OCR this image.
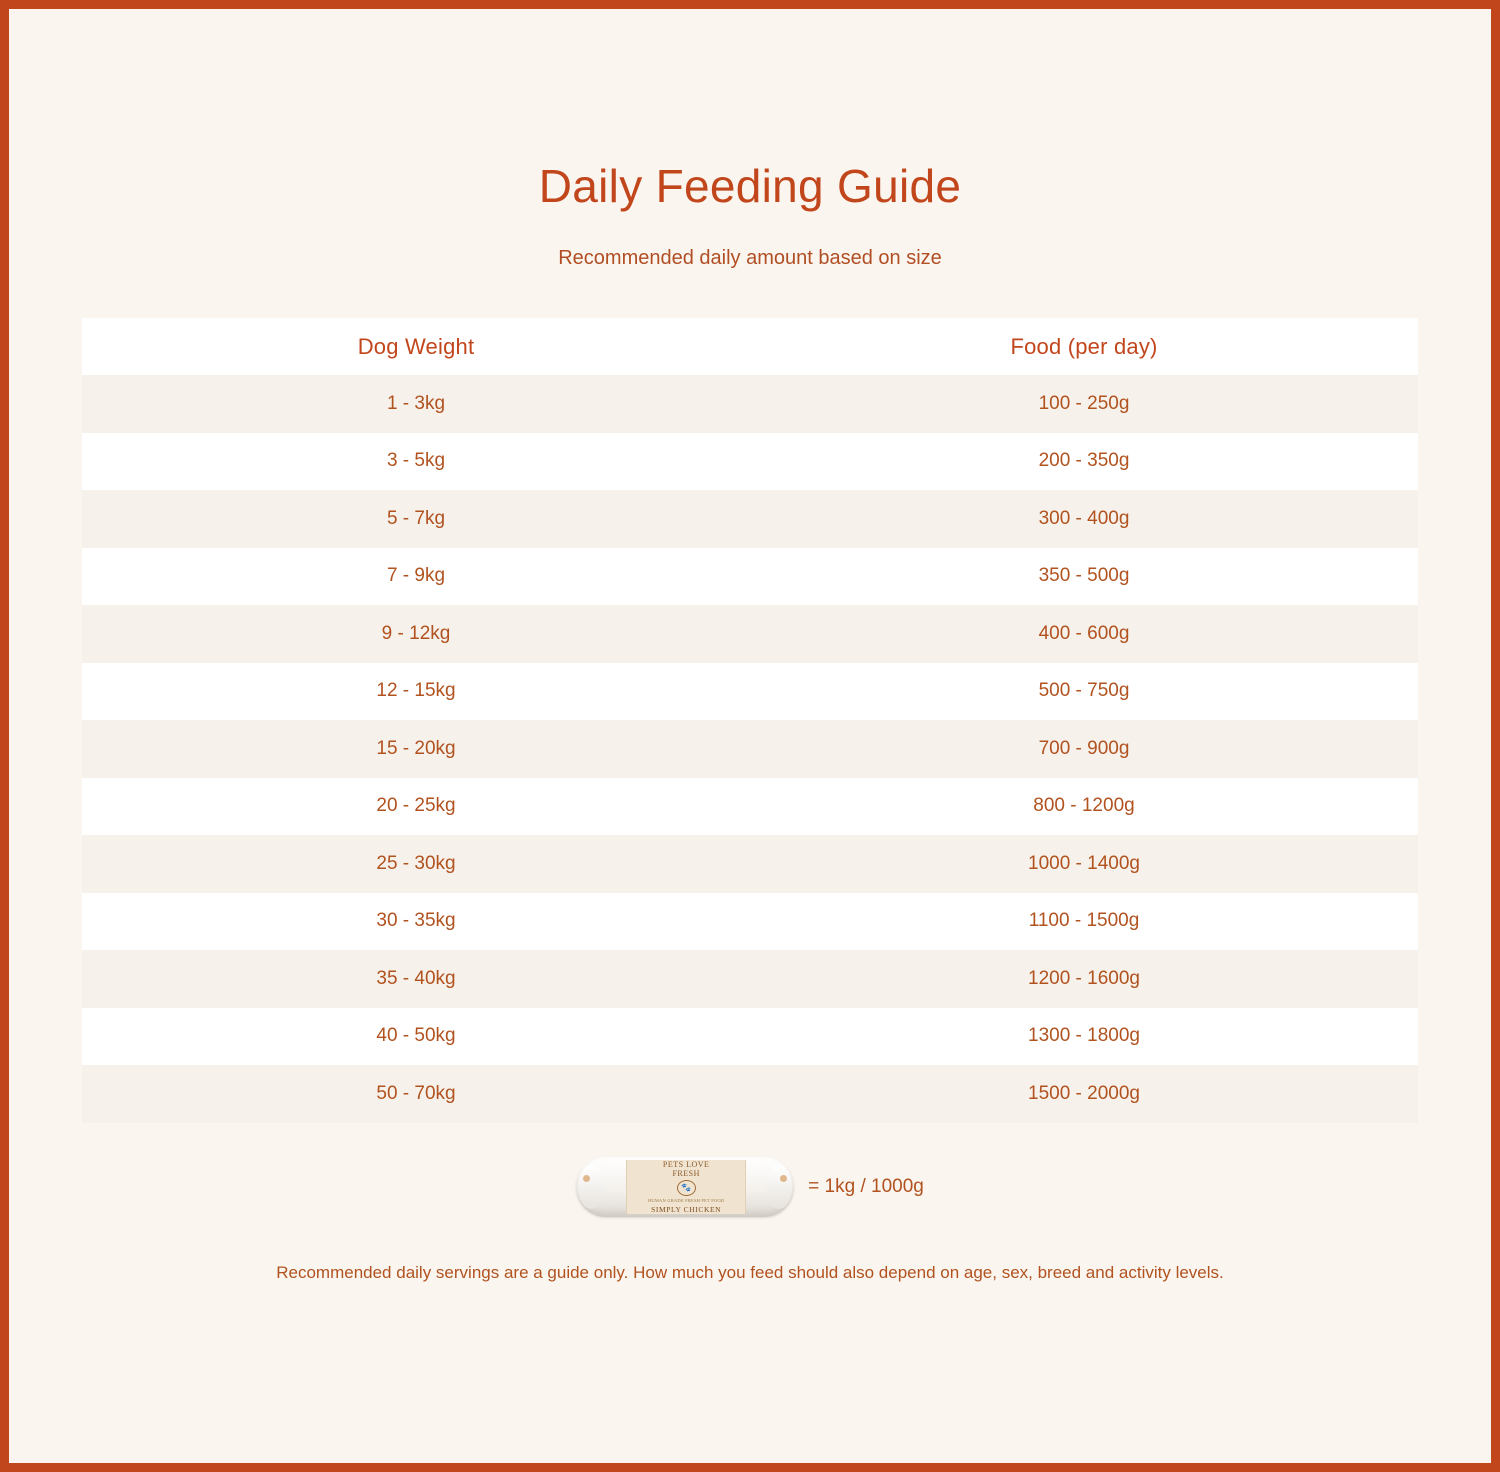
Daily Feeding Guide
Recommended daily amount based on size
Dog Weight	Food (per day)
1 - 3kg	100 - 250g
3 - 5kg	200 - 350g
5 - 7kg	300 - 400g
7 - 9kg	350 - 500g
9 - 12kg	400 - 600g
12 - 15kg	500 - 750g
15 - 20kg	700 - 900g
20 - 25kg	800 - 1200g
25 - 30kg	1000 - 1400g
30 - 35kg	1100 - 1500g
35 - 40kg	1200 - 1600g
40 - 50kg	1300 - 1800g
50 - 70kg	1500 - 2000g
PETS LOVE
FRESH
🐾
HUMAN GRADE FRESH PET FOOD
SIMPLY CHICKEN
= 1kg / 1000g
Recommended daily servings are a guide only. How much you feed should also depend on age, sex, breed and activity levels.
